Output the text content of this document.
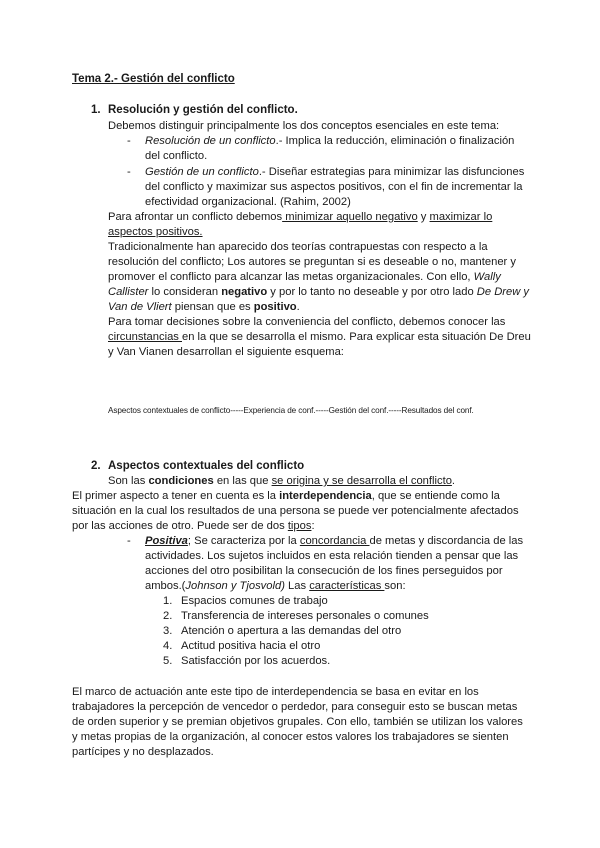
Tema 2.- Gestión del conflicto
1. Resolución y gestión del conflicto.
Debemos distinguir principalmente los dos conceptos esenciales en este tema:
- Resolución de un conflicto.- Implica la reducción, eliminación o finalización
del conflicto.
- Gestión de un conflicto.- Diseñar estrategias para minimizar las disfunciones
del conflicto y maximizar sus aspectos positivos, con el fin de incrementar la
efectividad organizacional. (Rahim, 2002)
Para afrontar un conflicto debemos minimizar aquello negativo y maximizar lo
aspectos positivos.
Tradicionalmente han aparecido dos teorías contrapuestas con respecto a la
resolución del conflicto; Los autores se preguntan si es deseable o no, mantener y
promover el conflicto para alcanzar las metas organizacionales. Con ello, Wally
Callister lo consideran negativo y por lo tanto no deseable y por otro lado De Drew y
Van de Vliert piensan que es positivo.
Para tomar decisiones sobre la conveniencia del conflicto, debemos conocer las
circunstancias en la que se desarrolla el mismo. Para explicar esta situación De Dreu
y Van Vianen desarrollan el siguiente esquema:
Aspectos contextuales de conflicto-----Experiencia de conf.-----Gestión del conf.-----Resultados del conf.
2. Aspectos contextuales del conflicto
Son las condiciones en las que se origina y se desarrolla el conflicto.
El primer aspecto a tener en cuenta es la interdependencia, que se entiende como la
situación en la cual los resultados de una persona se puede ver potencialmente afectados
por las acciones de otro. Puede ser de dos tipos:
- Positiva; Se caracteriza por la concordancia de metas y discordancia de las
actividades. Los sujetos incluidos en esta relación tienden a pensar que las
acciones del otro posibilitan la consecución de los fines perseguidos por
ambos.(Johnson y Tjosvold) Las características son:
1. Espacios comunes de trabajo
2. Transferencia de intereses personales o comunes
3. Atención o apertura a las demandas del otro
4. Actitud positiva hacia el otro
5. Satisfacción por los acuerdos.
El marco de actuación ante este tipo de interdependencia se basa en evitar en los
trabajadores la percepción de vencedor o perdedor, para conseguir esto se buscan metas
de orden superior y se premian objetivos grupales. Con ello, también se utilizan los valores
y metas propias de la organización, al conocer estos valores los trabajadores se sienten
partícipes y no desplazados.
